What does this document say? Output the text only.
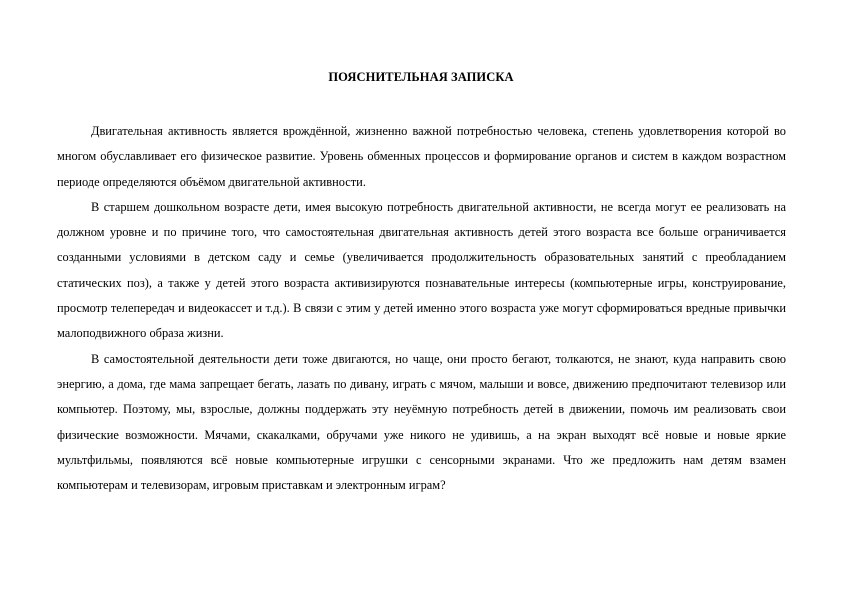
ПОЯСНИТЕЛЬНАЯ ЗАПИСКА

Двигательная активность является врождённой, жизненно важной потребностью человека, степень удовлетворения которой во многом обуславливает его физическое развитие. Уровень обменных процессов и формирование органов и систем в каждом возрастном периоде определяются объёмом двигательной активности.

В старшем дошкольном возрасте дети, имея высокую потребность двигательной активности, не всегда могут ее реализовать на должном уровне и по причине того, что самостоятельная двигательная активность детей этого возраста все больше ограничивается созданными условиями в детском саду и семье (увеличивается продолжительность образовательных занятий с преобладанием статических поз), а также у детей этого возраста активизируются познавательные интересы (компьютерные игры, конструирование, просмотр телепередач и видеокассет и т.д.). В связи с этим у детей именно этого возраста уже могут сформироваться вредные привычки малоподвижного образа жизни.

В самостоятельной деятельности дети тоже двигаются, но чаще, они просто бегают, толкаются, не знают, куда направить свою энергию, а дома, где мама запрещает бегать, лазать по дивану, играть с мячом, малыши и вовсе, движению предпочитают телевизор или компьютер. Поэтому, мы, взрослые, должны поддержать эту неуёмную потребность детей в движении, помочь им реализовать свои физические возможности. Мячами, скакалками, обручами уже никого не удивишь, а на экран выходят всё новые и новые яркие мультфильмы, появляются всё новые компьютерные игрушки с сенсорными экранами. Что же предложить нам детям взамен компьютерам и телевизорам, игровым приставкам и электронным играм?
